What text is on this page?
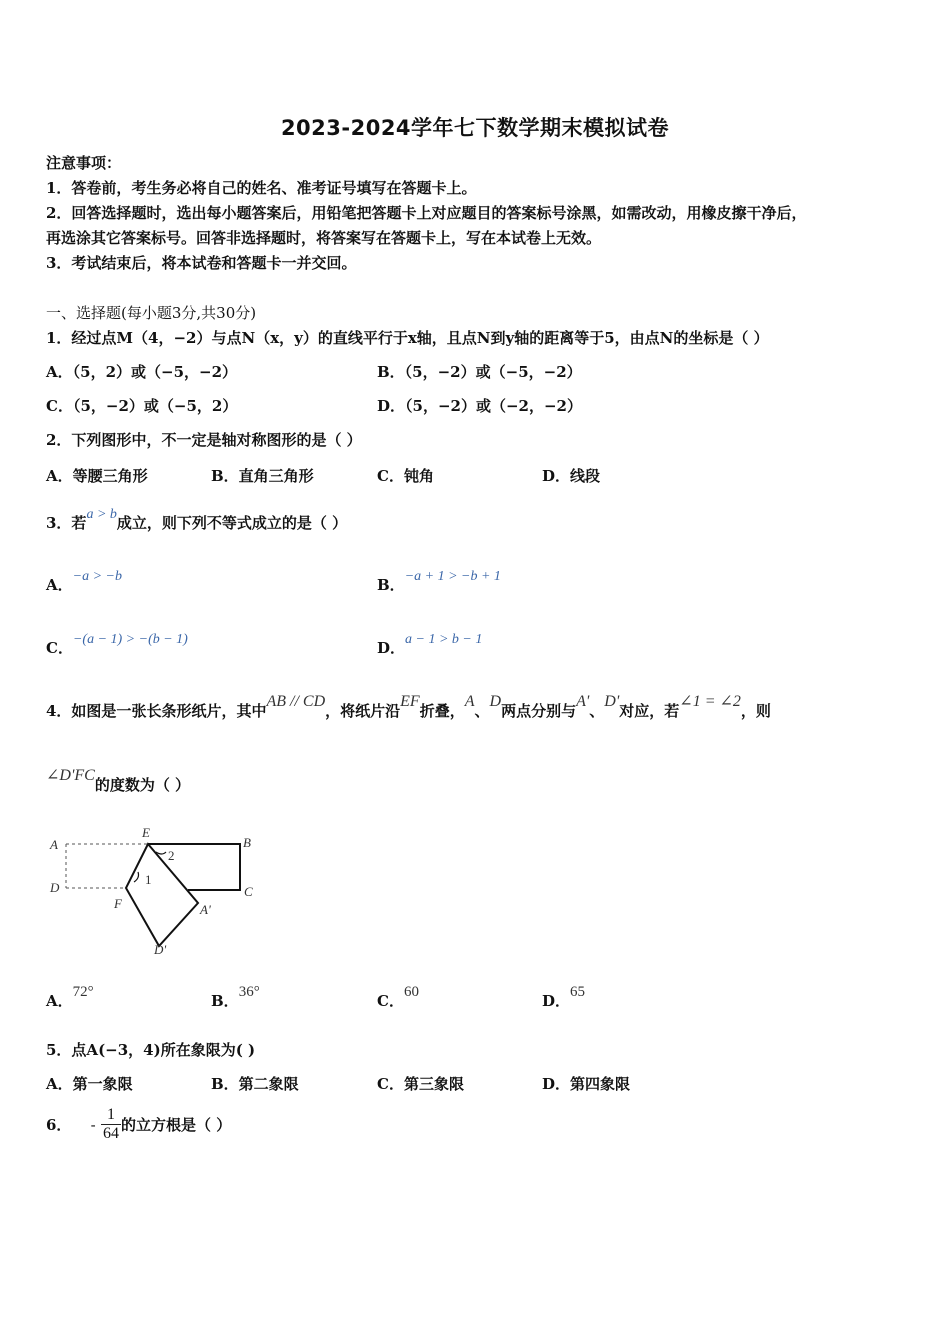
2023-2024学年七下数学期末模拟试卷
注意事项：
1．答卷前，考生务必将自己的姓名、准考证号填写在答题卡上。
2．回答选择题时，选出每小题答案后，用铅笔把答题卡上对应题目的答案标号涂黑，如需改动，用橡皮擦干净后，
再选涂其它答案标号。回答非选择题时，将答案写在答题卡上，写在本试卷上无效。
3．考试结束后，将本试卷和答题卡一并交回。
一、选择题(每小题3分,共30分)
1．经过点M（4，−2）与点N（x，y）的直线平行于x轴，且点N到y轴的距离等于5，由点N的坐标是（ ）
A．（5，2）或（−5，−2）	B．（5，−2）或（−5，−2）
C．（5，−2）或（−5，2）	D．（5，−2）或（−2，−2）
2．下列图形中，不一定是轴对称图形的是（ ）
A．等腰三角形	B．直角三角形	C．钝角	D．线段
3．若a > b成立，则下列不等式成立的是（ ）
A．−a > −b	B．−a + 1 > −b + 1
C．−(a − 1) > −(b − 1)	D．a − 1 > b − 1
4．如图是一张长条形纸片，其中AB // CD，将纸片沿EF折叠，A、D两点分别与A'、D'对应，若∠1 = ∠2，则
∠D'FC的度数为（ ）
A
D
E
B
C
F	A'
D'
2
1
A．72°	B．36°	C．60	D．65
5．点A(−3，4)所在象限为( )
A．第一象限	B．第二象限	C．第三象限	D．第四象限
6． - $\frac{1}{64}$ 的立方根是（ ）
